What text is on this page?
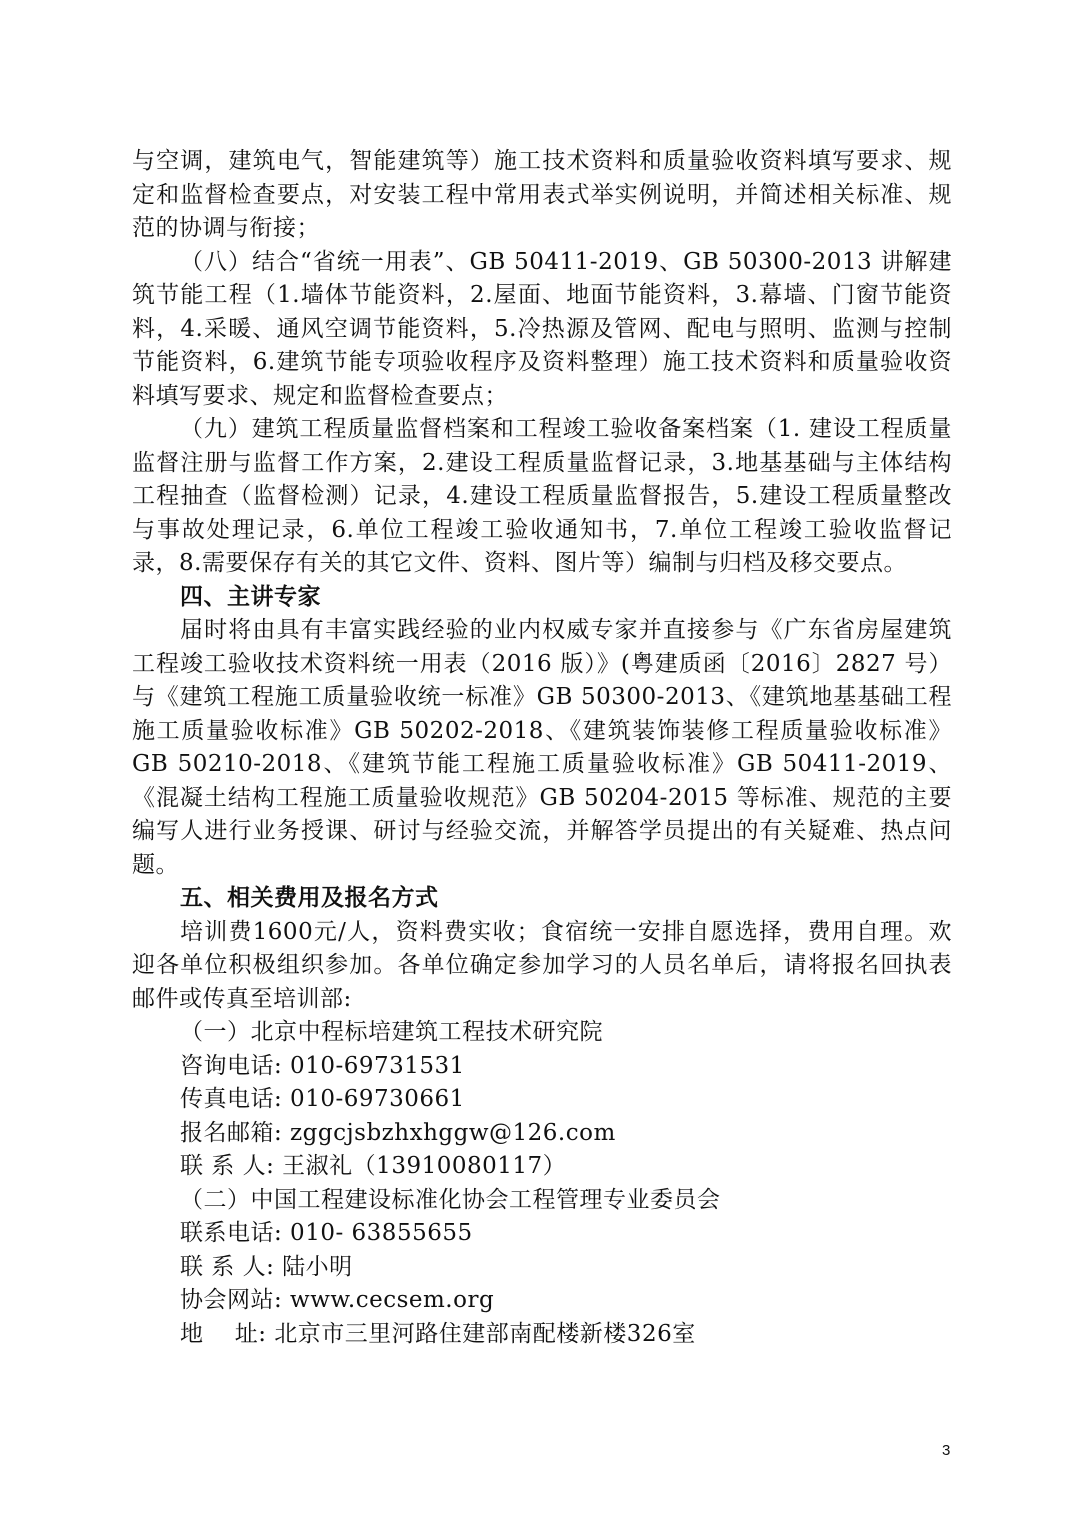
与空调，建筑电气，智能建筑等）施工技术资料和质量验收资料填写要求、规定和监督检查要点，对安装工程中常用表式举实例说明，并简述相关标准、规范的协调与衔接；

（八）结合“省统一用表”、GB 50411-2019、GB 50300-2013 讲解建筑节能工程（1.墙体节能资料，2.屋面、地面节能资料，3.幕墙、门窗节能资料，4.采暖、通风空调节能资料，5.冷热源及管网、配电与照明、监测与控制节能资料，6.建筑节能专项验收程序及资料整理）施工技术资料和质量验收资料填写要求、规定和监督检查要点；

（九）建筑工程质量监督档案和工程竣工验收备案档案（1. 建设工程质量监督注册与监督工作方案，2.建设工程质量监督记录，3.地基基础与主体结构工程抽查（监督检测）记录，4.建设工程质量监督报告，5.建设工程质量整改与事故处理记录，6.单位工程竣工验收通知书，7.单位工程竣工验收监督记录，8.需要保存有关的其它文件、资料、图片等）编制与归档及移交要点。

四、主讲专家

届时将由具有丰富实践经验的业内权威专家并直接参与《广东省房屋建筑工程竣工验收技术资料统一用表（2016 版）》(粤建质函〔2016〕2827 号）与《建筑工程施工质量验收统一标准》GB 50300-2013、《建筑地基基础工程施工质量验收标准》GB 50202-2018、《建筑装饰装修工程质量验收标准》GB 50210-2018、《建筑节能工程施工质量验收标准》GB 50411-2019、《混凝土结构工程施工质量验收规范》GB 50204-2015 等标准、规范的主要编写人进行业务授课、研讨与经验交流，并解答学员提出的有关疑难、热点问题。

五、相关费用及报名方式

培训费1600元/人，资料费实收；食宿统一安排自愿选择，费用自理。欢迎各单位积极组织参加。各单位确定参加学习的人员名单后，请将报名回执表邮件或传真至培训部:

（一）北京中程标培建筑工程技术研究院

咨询电话: 010-69731531

传真电话: 010-69730661

报名邮箱: zggcjsbzhxhggw@126.com

联 系 人: 王淑礼（13910080117）

（二）中国工程建设标准化协会工程管理专业委员会

联系电话: 010- 63855655

联 系 人: 陆小明

协会网站: www.cecsem.org

地    址: 北京市三里河路住建部南配楼新楼326室

3
